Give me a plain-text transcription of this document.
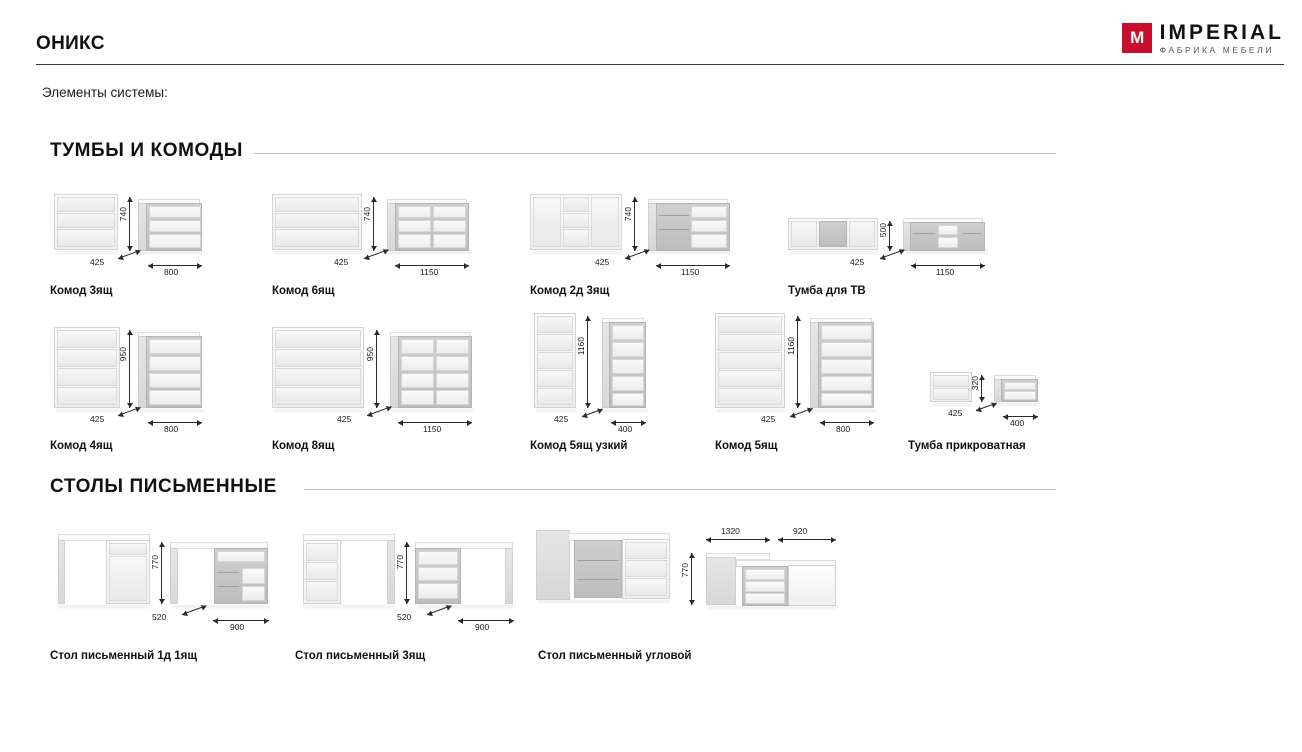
ОНИКС	M IMPERIAL
ФАБРИКА МЕБЕЛИ
Элементы системы:
ТУМБЫ И КОМОДЫ
740
800
425
Комод 3ящ
740
1150
425
Комод 6ящ
740
1150
425
Комод 2д 3ящ
500
1150
425
Тумба для ТВ
950
800
425
Комод 4ящ
950
1150
425
Комод 8ящ
1160
400
425
Комод 5ящ узкий
1160
800
425
Комод 5ящ
320
400
425
Тумба прикроватная
СТОЛЫ ПИСЬМЕННЫЕ
770
900
520
Стол письменный 1д 1ящ
770
900
520
Стол письменный 3ящ
1320	920
770
Стол письменный угловой
